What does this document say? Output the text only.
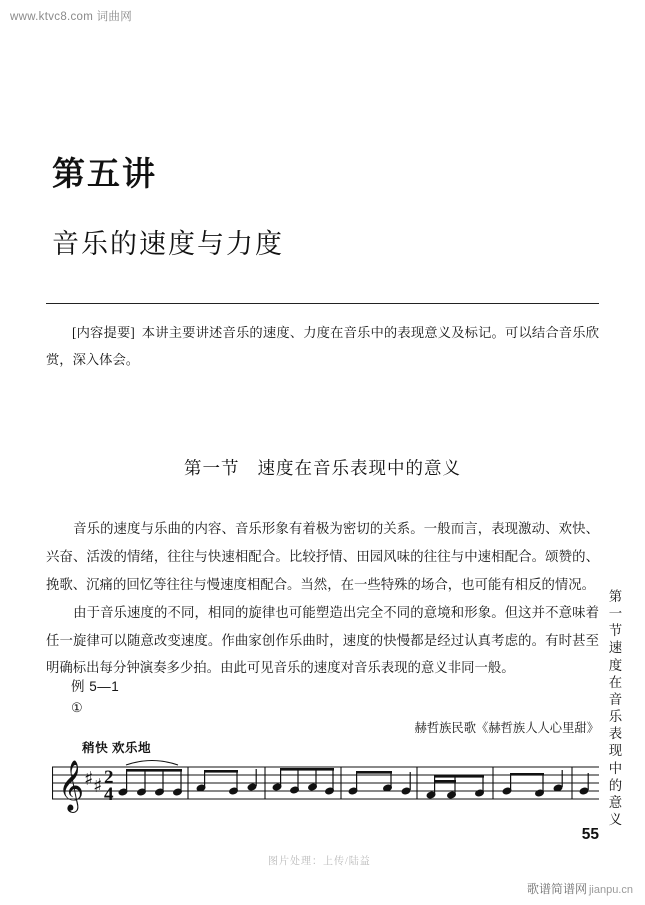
www.ktvc8.com 词曲网
第五讲
音乐的速度与力度
[内容提要] 本讲主要讲述音乐的速度、力度在音乐中的表现意义及标记。可以结合音乐欣赏，深入体会。
第一节 速度在音乐表现中的意义

音乐的速度与乐曲的内容、音乐形象有着极为密切的关系。一般而言，表现激动、欢快、兴奋、活泼的情绪，往往与快速相配合。比较抒情、田园风味的往往与中速相配合。颂赞的、挽歌、沉痛的回忆等往往与慢速度相配合。当然，在一些特殊的场合，也可能有相反的情况。

由于音乐速度的不同，相同的旋律也可能塑造出完全不同的意境和形象。但这并不意味着任一旋律可以随意改变速度。作曲家创作乐曲时，速度的快慢都是经过认真考虑的。有时甚至明确标出每分钟演奏多少拍。由此可见音乐的速度对音乐表现的意义非同一般。

例 5—1
①
赫哲族民歌《赫哲族人人心里甜》
稍快 欢乐地
𝄞 ♯ ♯ 2
4
第一节 速度在音乐表现中的意义
55
图片处理：上传/陆益
歌谱简谱网 jianpu.cn
